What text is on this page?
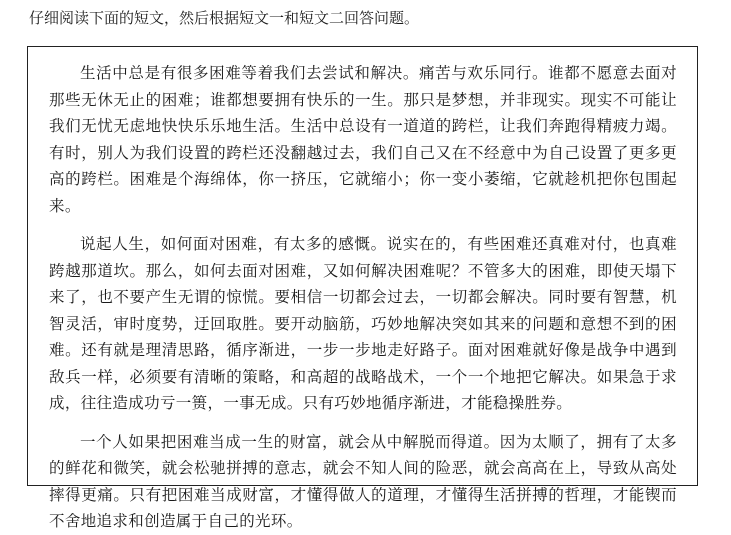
仔细阅读下面的短文，然后根据短文一和短文二回答问题。

生活中总是有很多困难等着我们去尝试和解决。痛苦与欢乐同行。谁都不愿意去面对那些无休无止的困难；谁都想要拥有快乐的一生。那只是梦想，并非现实。现实不可能让我们无忧无虑地快快乐乐地生活。生活中总设有一道道的跨栏，让我们奔跑得精疲力竭。有时，别人为我们设置的跨栏还没翻越过去，我们自己又在不经意中为自己设置了更多更高的跨栏。困难是个海绵体，你一挤压，它就缩小；你一变小萎缩，它就趁机把你包围起来。

说起人生，如何面对困难，有太多的感慨。说实在的，有些困难还真难对付，也真难跨越那道坎。那么，如何去面对困难，又如何解决困难呢？不管多大的困难，即使天塌下来了，也不要产生无谓的惊慌。要相信一切都会过去，一切都会解决。同时要有智慧，机智灵活，审时度势，迂回取胜。要开动脑筋，巧妙地解决突如其来的问题和意想不到的困难。还有就是理清思路，循序渐进，一步一步地走好路子。面对困难就好像是战争中遇到敌兵一样，必须要有清晰的策略，和高超的战略战术，一个一个地把它解决。如果急于求成，往往造成功亏一篑，一事无成。只有巧妙地循序渐进，才能稳操胜券。

一个人如果把困难当成一生的财富，就会从中解脱而得道。因为太顺了，拥有了太多的鲜花和微笑，就会松驰拼搏的意志，就会不知人间的险恶，就会高高在上，导致从高处摔得更痛。只有把困难当成财富，才懂得做人的道理，才懂得生活拼搏的哲理，才能锲而不舍地追求和创造属于自己的光环。
